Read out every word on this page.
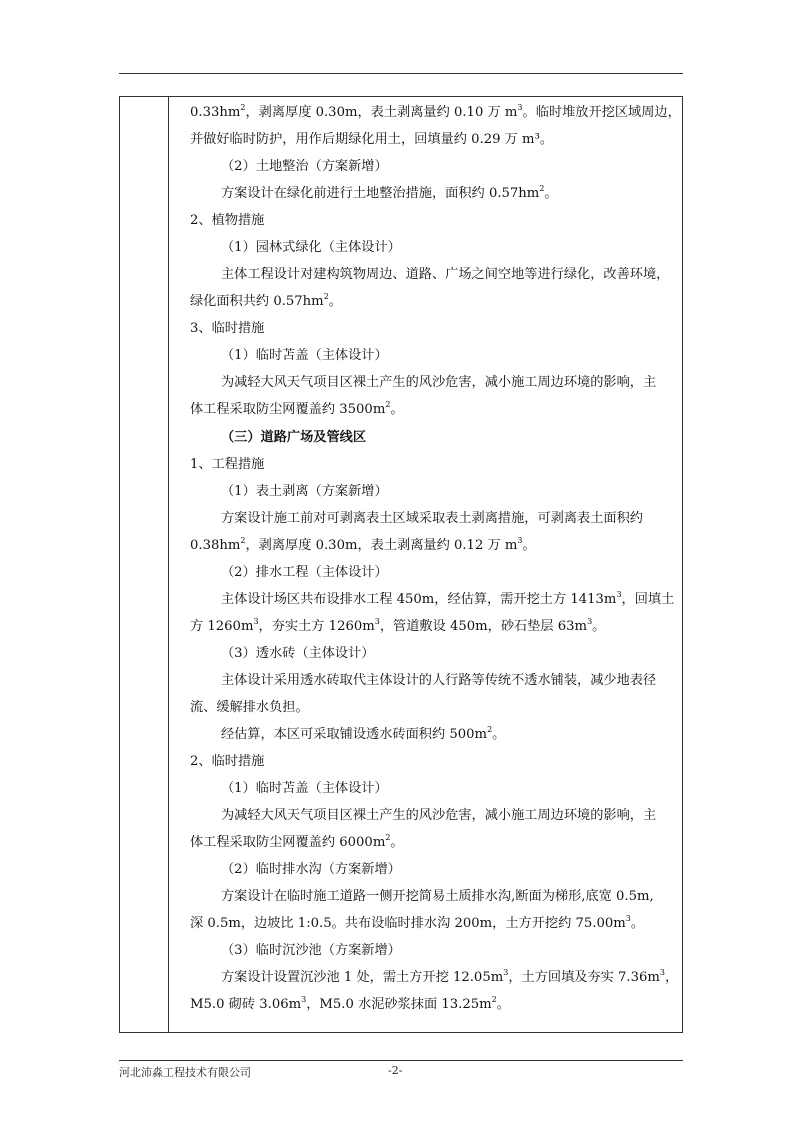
$0.33hm^2$，剥离厚度 0.30m，表土剥离量约 0.10 万 $m^3$。临时堆放开挖区域周边，
并做好临时防护，用作后期绿化用土，回填量约 0.29 万 m³。
（2）土地整治（方案新增）
方案设计在绿化前进行土地整治措施，面积约 $0.57hm^2$。
2、植物措施
（1）园林式绿化（主体设计）
主体工程设计对建构筑物周边、道路、广场之间空地等进行绿化，改善环境，
绿化面积共约 $0.57hm^2$。
3、临时措施
（1）临时苫盖（主体设计）
为减轻大风天气项目区裸土产生的风沙危害，减小施工周边环境的影响，主
体工程采取防尘网覆盖约 $3500m^2$。
（三）道路广场及管线区
1、工程措施
（1）表土剥离（方案新增）
方案设计施工前对可剥离表土区域采取表土剥离措施，可剥离表土面积约
$0.38hm^2$，剥离厚度 0.30m，表土剥离量约 0.12 万 $m^3$。
（2）排水工程（主体设计）
主体设计场区共布设排水工程 450m，经估算，需开挖土方 $1413m^3$，回填土
方 $1260m^3$，夯实土方 $1260m^3$，管道敷设 450m，砂石垫层 $63m^3$。
（3）透水砖（主体设计）
主体设计采用透水砖取代主体设计的人行路等传统不透水铺装，减少地表径
流、缓解排水负担。
经估算，本区可采取铺设透水砖面积约 $500m^2$。
2、临时措施
（1）临时苫盖（主体设计）
为减轻大风天气项目区裸土产生的风沙危害，减小施工周边环境的影响，主
体工程采取防尘网覆盖约 $6000m^2$。
（2）临时排水沟（方案新增）
方案设计在临时施工道路一侧开挖简易土质排水沟,断面为梯形,底宽 0.5m,
深 0.5m，边坡比 1:0.5。共布设临时排水沟 200m，土方开挖约 $75.00m^3$。
（3）临时沉沙池（方案新增）
方案设计设置沉沙池 1 处，需土方开挖 $12.05m^3$，土方回填及夯实 $7.36m^3$，
M5.0 砌砖 $3.06m^3$，M5.0 水泥砂浆抹面 $13.25m^2$。
河北沛淼工程技术有限公司	-2-
